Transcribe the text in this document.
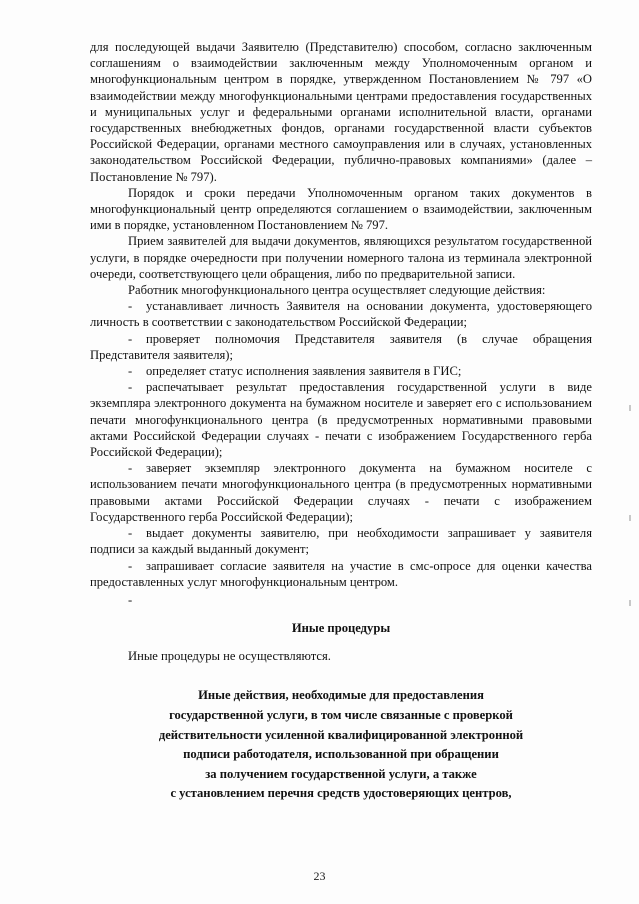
для последующей выдачи Заявителю (Представителю) способом, согласно заключенным соглашениям о взаимодействии заключенным между Уполномоченным органом и многофункциональным центром в порядке, утвержденном Постановлением № 797 «О взаимодействии между многофункциональными центрами предоставления государственных и муниципальных услуг и федеральными органами исполнительной власти, органами государственных внебюджетных фондов, органами государственной власти субъектов Российской Федерации, органами местного самоуправления или в случаях, установленных законодательством Российской Федерации, публично-правовых компаниями» (далее – Постановление № 797).

Порядок и сроки передачи Уполномоченным органом таких документов в многофункциональный центр определяются соглашением о взаимодействии, заключенным ими в порядке, установленном Постановлением № 797.

Прием заявителей для выдачи документов, являющихся результатом государственной услуги, в порядке очередности при получении номерного талона из терминала электронной очереди, соответствующего цели обращения, либо по предварительной записи.

Работник многофункционального центра осуществляет следующие действия:

- устанавливает личность Заявителя на основании документа, удостоверяющего личность в соответствии с законодательством Российской Федерации;
- проверяет полномочия Представителя заявителя (в случае обращения Представителя заявителя);
- определяет статус исполнения заявления заявителя в ГИС;
- распечатывает результат предоставления государственной услуги в виде экземпляра электронного документа на бумажном носителе и заверяет его с использованием печати многофункционального центра (в предусмотренных нормативными правовыми актами Российской Федерации случаях - печати с изображением Государственного герба Российской Федерации);
- заверяет экземпляр электронного документа на бумажном носителе с использованием печати многофункционального центра (в предусмотренных нормативными правовыми актами Российской Федерации случаях - печати с изображением Государственного герба Российской Федерации);
- выдает документы заявителю, при необходимости запрашивает у заявителя подписи за каждый выданный документ;
- запрашивает согласие заявителя на участие в смс-опросе для оценки качества предоставленных услуг многофункциональным центром.
-
Иные процедуры
Иные процедуры не осуществляются.
Иные действия, необходимые для предоставления
государственной услуги, в том числе связанные с проверкой
действительности усиленной квалифицированной электронной
подписи работодателя, использованной при обращении
за получением государственной услуги, а также
с установлением перечня средств удостоверяющих центров,
23
